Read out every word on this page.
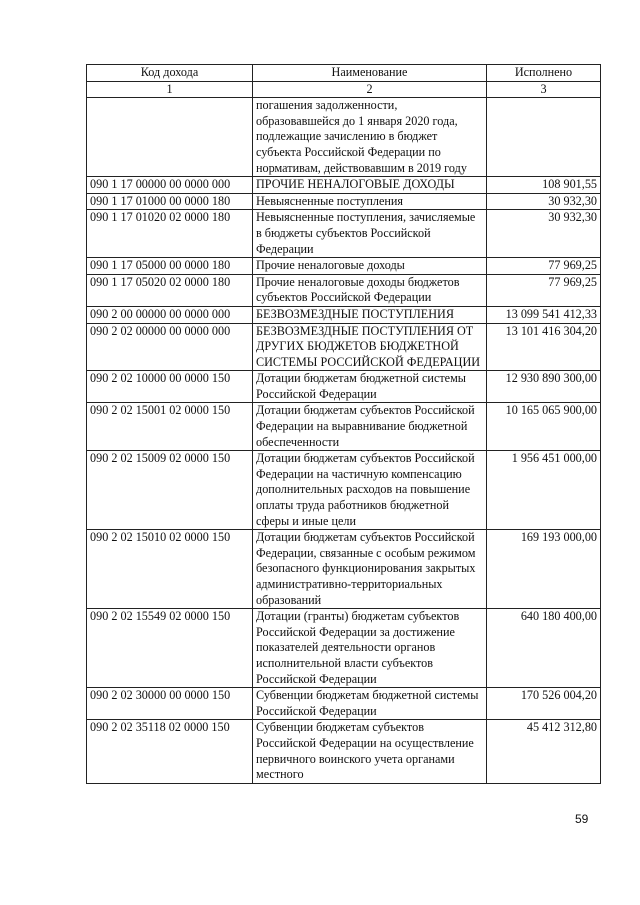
Код дохода	Наименование	Исполнено
1	2	3
	погашения задолженности, образовавшейся до 1 января 2020 года, подлежащие зачислению в бюджет субъекта Российской Федерации по нормативам, действовавшим в 2019 году	
090 1 17 00000 00 0000 000	ПРОЧИЕ НЕНАЛОГОВЫЕ ДОХОДЫ	108 901,55
090 1 17 01000 00 0000 180	Невыясненные поступления	30 932,30
090 1 17 01020 02 0000 180	Невыясненные поступления, зачисляемые в бюджеты субъектов Российской Федерации	30 932,30
090 1 17 05000 00 0000 180	Прочие неналоговые доходы	77 969,25
090 1 17 05020 02 0000 180	Прочие неналоговые доходы бюджетов субъектов Российской Федерации	77 969,25
090 2 00 00000 00 0000 000	БЕЗВОЗМЕЗДНЫЕ ПОСТУПЛЕНИЯ	13 099 541 412,33
090 2 02 00000 00 0000 000	БЕЗВОЗМЕЗДНЫЕ ПОСТУПЛЕНИЯ ОТ ДРУГИХ БЮДЖЕТОВ БЮДЖЕТНОЙ СИСТЕМЫ РОССИЙСКОЙ ФЕДЕРАЦИИ	13 101 416 304,20
090 2 02 10000 00 0000 150	Дотации бюджетам бюджетной системы Российской Федерации	12 930 890 300,00
090 2 02 15001 02 0000 150	Дотации бюджетам субъектов Российской Федерации на выравнивание бюджетной обеспеченности	10 165 065 900,00
090 2 02 15009 02 0000 150	Дотации бюджетам субъектов Российской Федерации на частичную компенсацию дополнительных расходов на повышение оплаты труда работников бюджетной сферы и иные цели	1 956 451 000,00
090 2 02 15010 02 0000 150	Дотации бюджетам субъектов Российской Федерации, связанные с особым режимом безопасного функционирования закрытых административно-территориальных образований	169 193 000,00
090 2 02 15549 02 0000 150	Дотации (гранты) бюджетам субъектов Российской Федерации за достижение показателей деятельности органов исполнительной власти субъектов Российской Федерации	640 180 400,00
090 2 02 30000 00 0000 150	Субвенции бюджетам бюджетной системы Российской Федерации	170 526 004,20
090 2 02 35118 02 0000 150	Субвенции бюджетам субъектов Российской Федерации на осуществление первичного воинского учета органами местного	45 412 312,80
59
